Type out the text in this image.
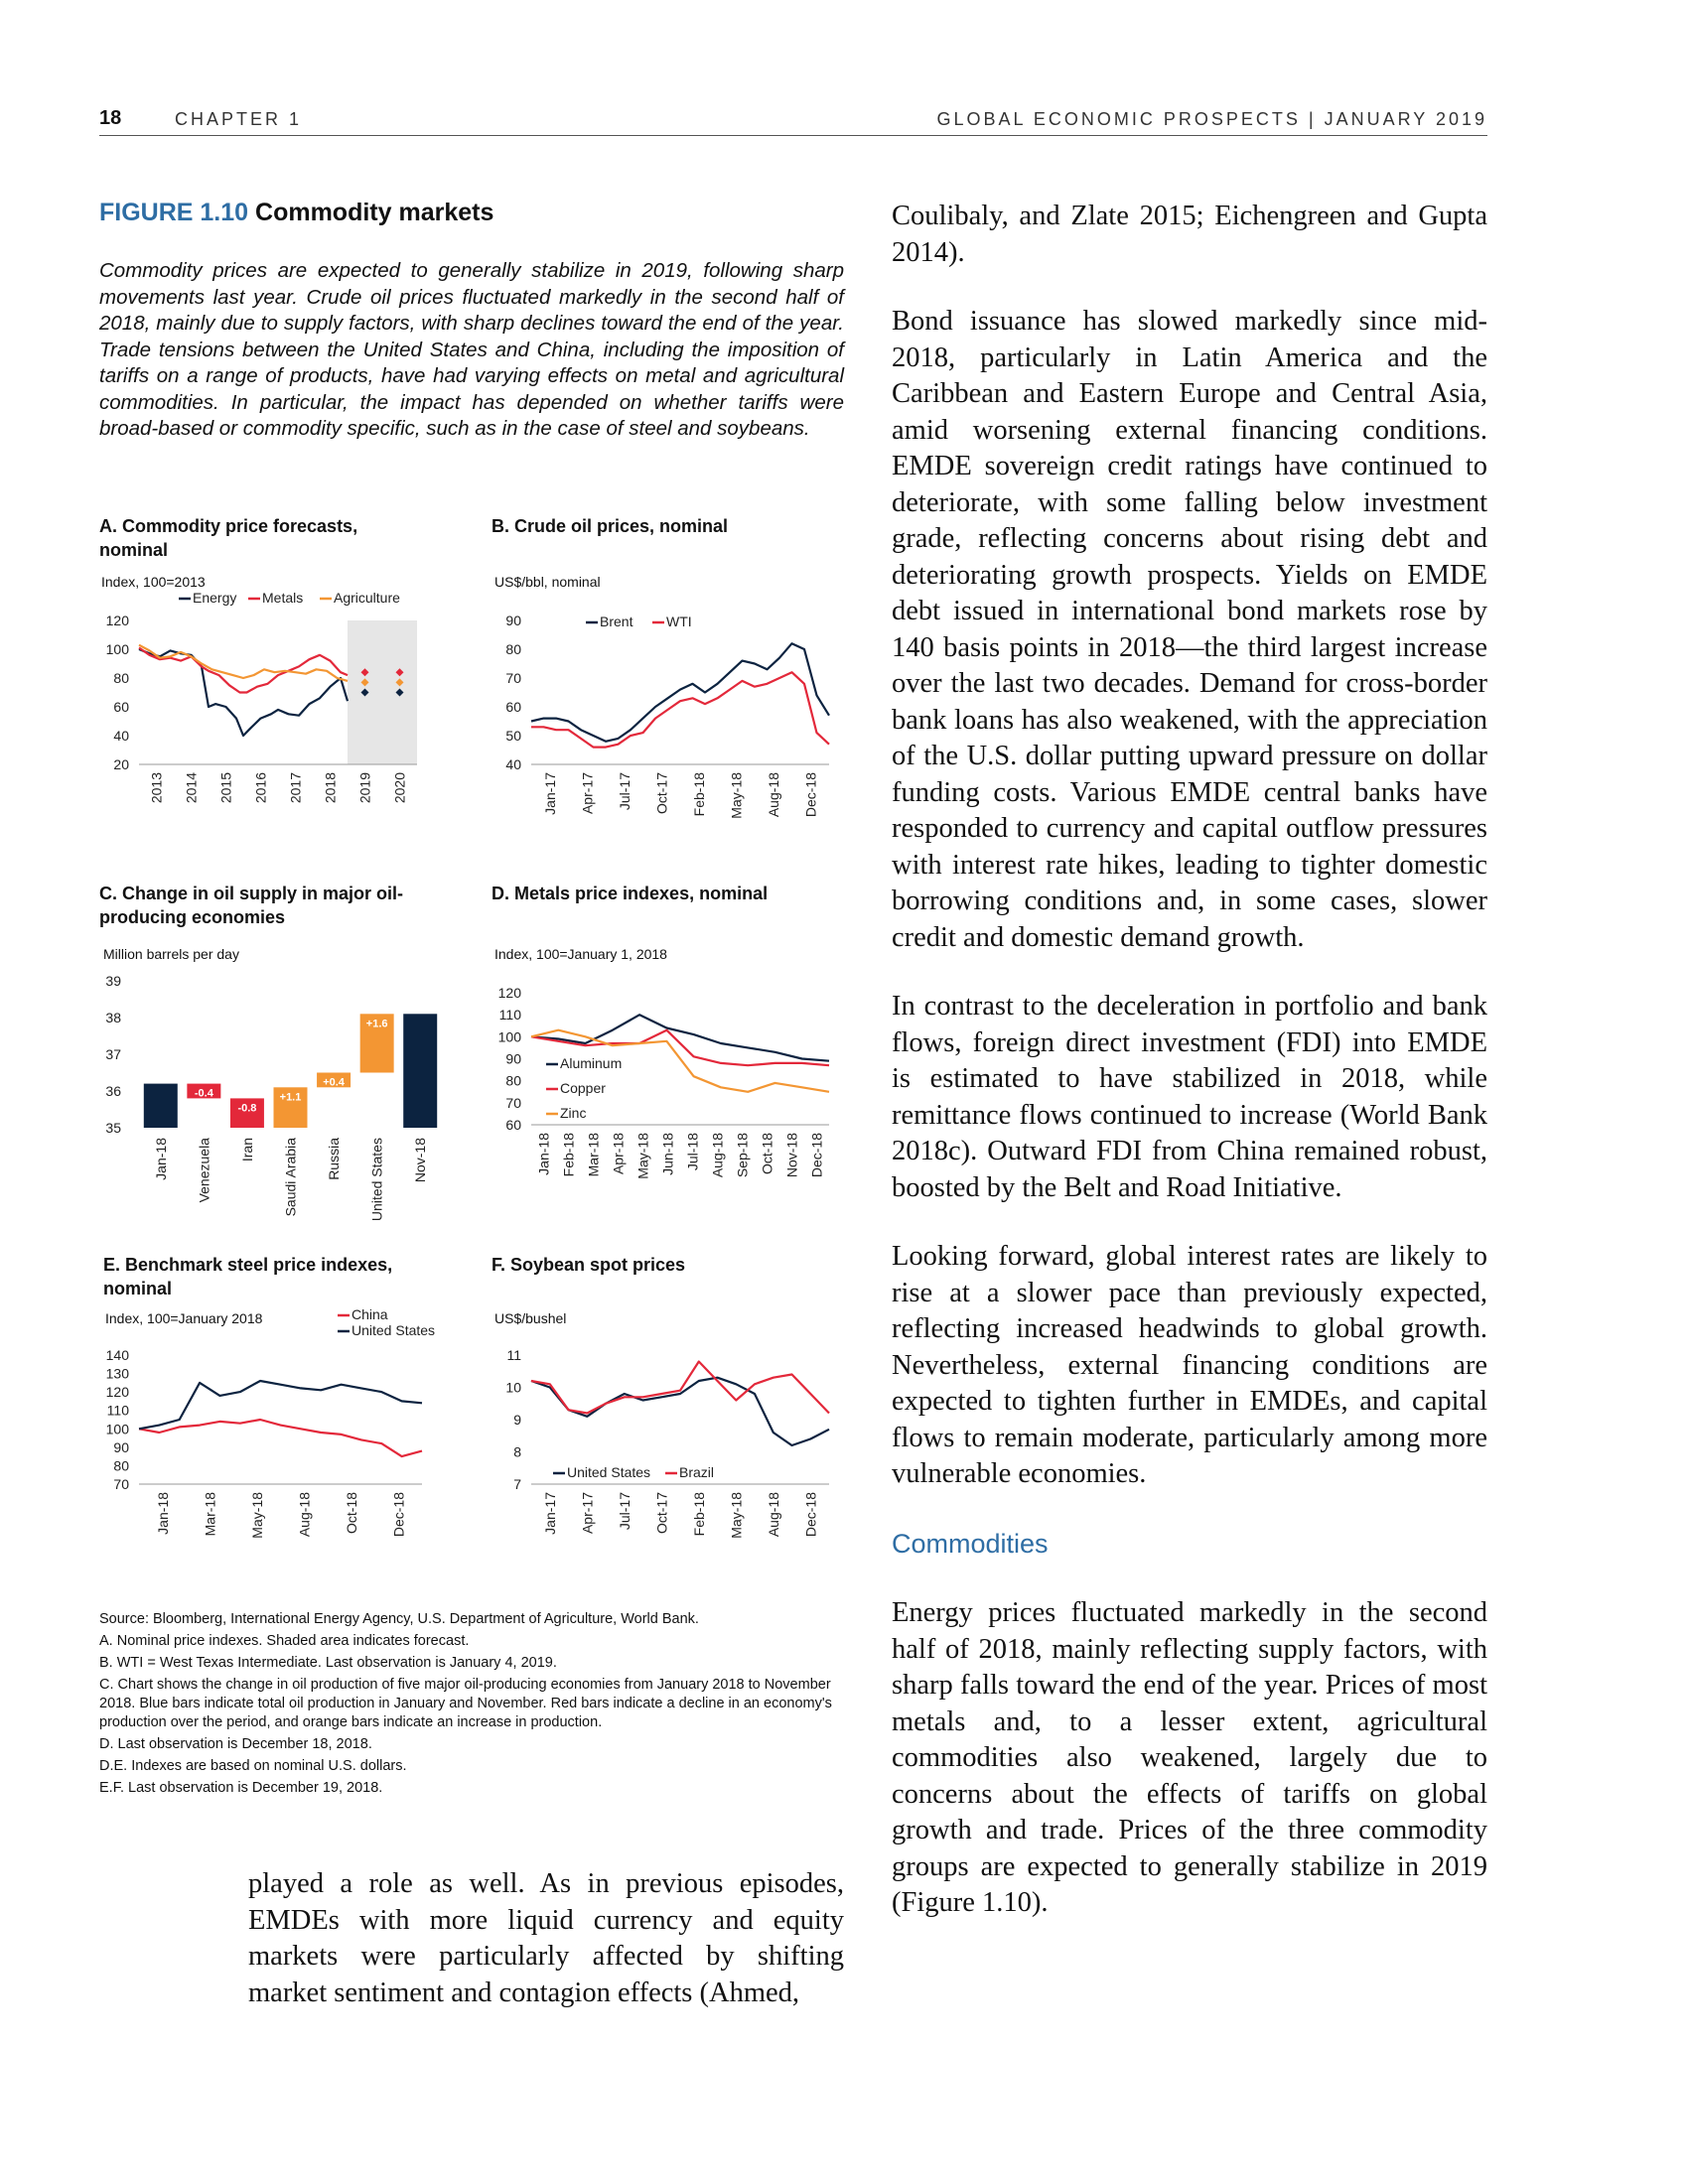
18	CHAPTER 1	GLOBAL ECONOMIC PROSPECTS | JANUARY 2019
FIGURE 1.10 Commodity markets
Commodity prices are expected to generally stabilize in 2019, following sharp movements last year. Crude oil prices fluctuated markedly in the second half of 2018, mainly due to supply factors, with sharp declines toward the end of the year. Trade tensions between the United States and China, including the imposition of tariffs on a range of products, have had varying effects on metal and agricultural commodities. In particular, the impact has depended on whether tariffs were broad-based or commodity specific, such as in the case of steel and soybeans.
A. Commodity price forecasts, nominal
Index, 100=2013
20
40
60
80
100
120
2013 2014 2015 2016 2017 2018 2019 2020
Energy Metals Agriculture
B. Crude oil prices, nominal
US$/bbl, nominal
40
50
60
70
80
90
Jan-17 Apr-17 Jul-17 Oct-17 Feb-18 May-18 Aug-18 Dec-18
Brent WTI
C. Change in oil supply in major oil-producing economies
Million barrels per day
35
36
37
38
39
Jan-18
-0.4
Venezuela
-0.8
Iran
+1.1
Saudi Arabia
+0.4
Russia
+1.6
United States Nov-18
D. Metals price indexes, nominal
Index, 100=January 1, 2018
60
70
80
90
100
110
120
Jan-18 Feb-18 Mar-18 Apr-18 May-18 Jun-18 Jul-18 Aug-18 Sep-18 Oct-18 Nov-18 Dec-18
Aluminum
Copper
Zinc
E. Benchmark steel price indexes, nominal
Index, 100=January 2018
70
80
90
100
110
120
130
140
Jan-18 Mar-18 May-18 Aug-18 Oct-18 Dec-18
China
United States
F. Soybean spot prices
US$/bushel
7
8
9
10
11
Jan-17 Apr-17 Jul-17 Oct-17 Feb-18 May-18 Aug-18 Dec-18
United States Brazil

Source: Bloomberg, International Energy Agency, U.S. Department of Agriculture, World Bank.

A. Nominal price indexes. Shaded area indicates forecast.

B. WTI = West Texas Intermediate. Last observation is January 4, 2019.

C. Chart shows the change in oil production of five major oil-producing economies from January 2018 to November 2018. Blue bars indicate total oil production in January and November. Red bars indicate a decline in an economy's production over the period, and orange bars indicate an increase in production.

D. Last observation is December 18, 2018.

D.E. Indexes are based on nominal U.S. dollars.

E.F. Last observation is December 19, 2018.

played a role as well. As in previous episodes, EMDEs with more liquid currency and equity markets were particularly affected by shifting market sentiment and contagion effects (Ahmed,

Coulibaly, and Zlate 2015; Eichengreen and Gupta 2014).

Bond issuance has slowed markedly since mid-2018, particularly in Latin America and the Caribbean and Eastern Europe and Central Asia, amid worsening external financing conditions. EMDE sovereign credit ratings have continued to deteriorate, with some falling below investment grade, reflecting concerns about rising debt and deteriorating growth prospects. Yields on EMDE debt issued in international bond markets rose by 140 basis points in 2018—the third largest increase over the last two decades. Demand for cross-border bank loans has also weakened, with the appreciation of the U.S. dollar putting upward pressure on dollar funding costs. Various EMDE central banks have responded to currency and capital outflow pressures with interest rate hikes, leading to tighter domestic borrowing conditions and, in some cases, slower credit and domestic demand growth.

In contrast to the deceleration in portfolio and bank flows, foreign direct investment (FDI) into EMDE is estimated to have stabilized in 2018, while remittance flows continued to increase (World Bank 2018c). Outward FDI from China remained robust, boosted by the Belt and Road Initiative.

Looking forward, global interest rates are likely to rise at a slower pace than previously expected, reflecting increased headwinds to global growth. Nevertheless, external financing conditions are expected to tighten further in EMDEs, and capital flows to remain moderate, particularly among more vulnerable economies.

Commodities

Energy prices fluctuated markedly in the second half of 2018, mainly reflecting supply factors, with sharp falls toward the end of the year. Prices of most metals and, to a lesser extent, agricultural commodities also weakened, largely due to concerns about the effects of tariffs on global growth and trade. Prices of the three commodity groups are expected to generally stabilize in 2019 (Figure 1.10).
